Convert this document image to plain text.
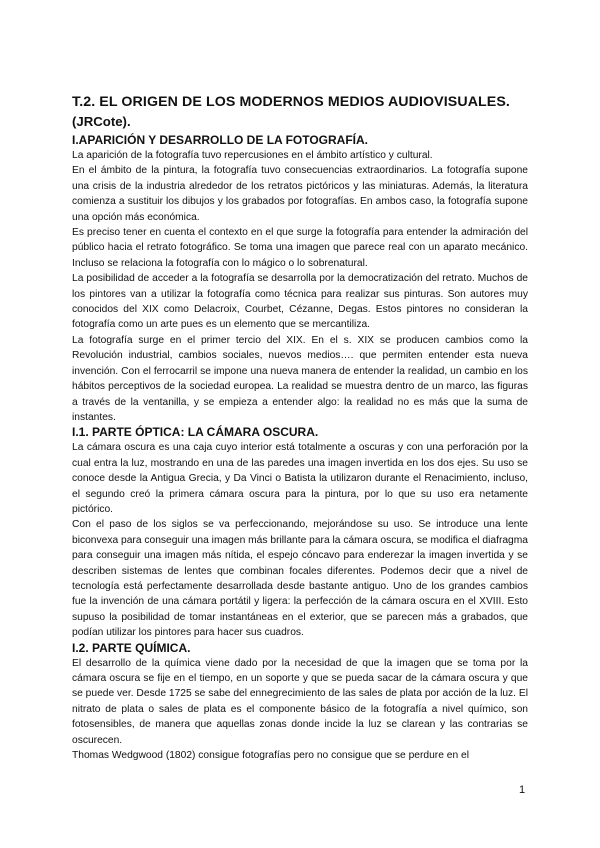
T.2. EL ORIGEN DE LOS MODERNOS MEDIOS AUDIOVISUALES.
(JRCote).
I.APARICIÓN Y DESARROLLO DE LA FOTOGRAFÍA.

La aparición de la fotografía tuvo repercusiones en el ámbito artístico y cultural.

En el ámbito de la pintura, la fotografía tuvo consecuencias extraordinarios. La fotografía supone una crisis de la industria alrededor de los retratos pictóricos y las miniaturas. Además, la literatura comienza a sustituir los dibujos y los grabados por fotografías. En ambos caso, la fotografía supone una opción más económica.

Es preciso tener en cuenta el contexto en el que surge la fotografía para entender la admiración del público hacia el retrato fotográfico. Se toma una imagen que parece real con un aparato mecánico. Incluso se relaciona la fotografía con lo mágico o lo sobrenatural.

La posibilidad de acceder a la fotografía se desarrolla por la democratización del retrato. Muchos de los pintores van a utilizar la fotografía como técnica para realizar sus pinturas. Son autores muy conocidos del XIX como Delacroix, Courbet, Cézanne, Degas. Estos pintores no consideran la fotografía como un arte pues es un elemento que se mercantiliza.

La fotografía surge en el primer tercio del XIX. En el s. XIX se producen cambios como la Revolución industrial, cambios sociales, nuevos medios…. que permiten entender esta nueva invención. Con el ferrocarril se impone una nueva manera de entender la realidad, un cambio en los hábitos perceptivos de la sociedad europea. La realidad se muestra dentro de un marco, las figuras a través de la ventanilla, y se empieza a entender algo: la realidad no es más que la suma de instantes.

I.1. PARTE ÓPTICA: LA CÁMARA OSCURA.

La cámara oscura es una caja cuyo interior está totalmente a oscuras y con una perforación por la cual entra la luz, mostrando en una de las paredes una imagen invertida en los dos ejes. Su uso se conoce desde la Antigua Grecia, y Da Vinci o Batista la utilizaron durante el Renacimiento, incluso, el segundo creó la primera cámara oscura para la pintura, por lo que su uso era netamente pictórico.

Con el paso de los siglos se va perfeccionando, mejorándose su uso. Se introduce una lente biconvexa para conseguir una imagen más brillante para la cámara oscura, se modifica el diafragma para conseguir una imagen más nítida, el espejo cóncavo para enderezar la imagen invertida y se describen sistemas de lentes que combinan focales diferentes. Podemos decir que a nivel de tecnología está perfectamente desarrollada desde bastante antiguo. Uno de los grandes cambios fue la invención de una cámara portátil y ligera: la perfección de la cámara oscura en el XVIII. Esto supuso la posibilidad de tomar instantáneas en el exterior, que se parecen más a grabados, que podían utilizar los pintores para hacer sus cuadros.

I.2. PARTE QUÍMICA.

El desarrollo de la química viene dado por la necesidad de que la imagen que se toma por la cámara oscura se fije en el tiempo, en un soporte y que se pueda sacar de la cámara oscura y que se puede ver. Desde 1725 se sabe del ennegrecimiento de las sales de plata por acción de la luz. El nitrato de plata o sales de plata es el componente básico de la fotografía a nivel químico, son fotosensibles, de manera que aquellas zonas donde incide la luz se clarean y las contrarias se oscurecen.

Thomas Wedgwood (1802) consigue fotografías pero no consigue que se perdure en el

1
